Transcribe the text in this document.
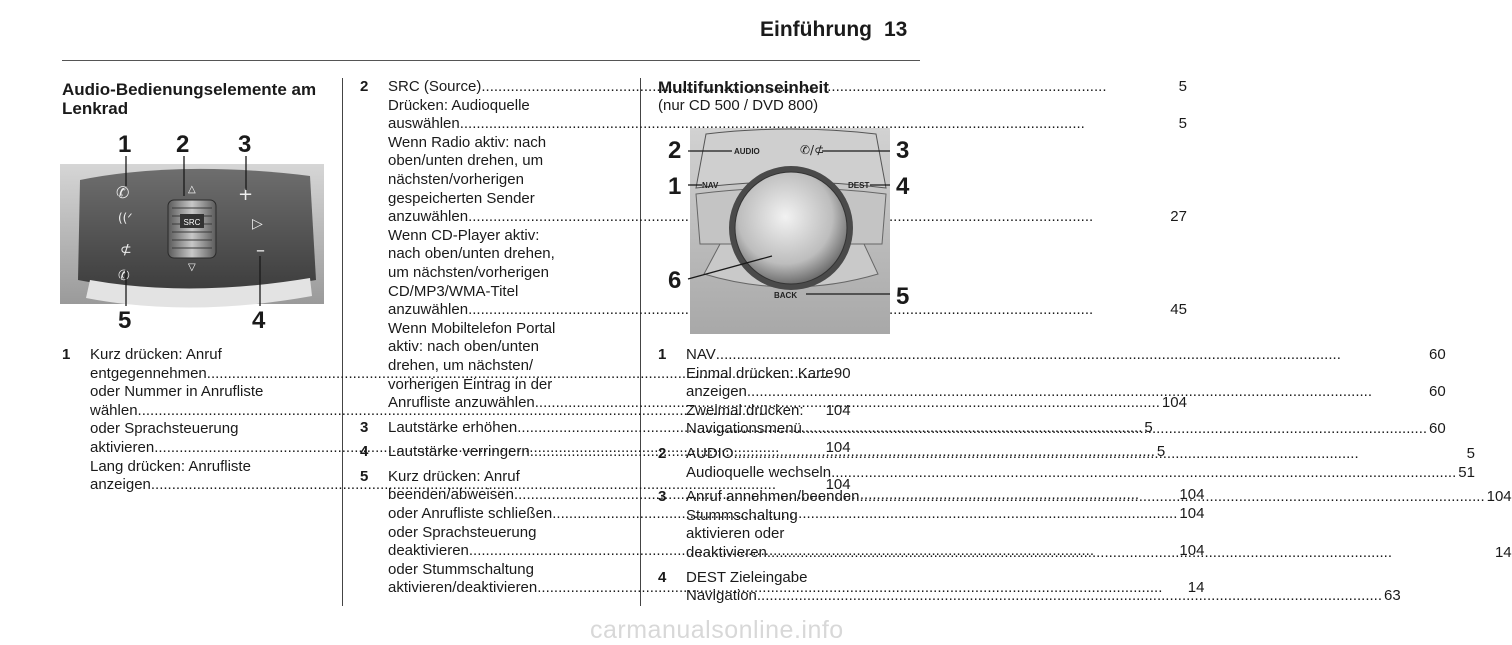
Einführung 13
Audio-Bedienungselemente am
Lenkrad
SRC
△
▽
✆
((ᐟ
⊄
✆
+
▷
–
1 2 3
4
5
1	Kurz drücken: Anruf
entgegennehmen .....	90
oder Nummer in Anrufliste
wählen .....	104
oder Sprachsteuerung
aktivieren .....	104
Lang drücken: Anrufliste
anzeigen .....	104
2	SRC (Source) .....	5
Drücken: Audioquelle
auswählen .....	5
Wenn Radio aktiv: nach
oben/unten drehen, um
nächsten/vorherigen
gespeicherten Sender
anzuwählen .....	27
Wenn CD-Player aktiv:
nach oben/unten drehen,
um nächsten/vorherigen
CD/MP3/WMA-Titel
anzuwählen .....	45
Wenn Mobiltelefon Portal
aktiv: nach oben/unten
drehen, um nächsten/
vorherigen Eintrag in der
Anrufliste anzuwählen .....	104
3	Lautstärke erhöhen .....	5
4	Lautstärke verringern .....	5
5	Kurz drücken: Anruf
beenden/abweisen .....	104
oder Anrufliste schließen .....	104
oder Sprachsteuerung
deaktivieren .....	104
oder Stummschaltung
aktivieren/deaktivieren .....	14
Multifunktionseinheit
(nur CD 500 / DVD 800)
AUDIO	✆/⊄
NAV	DEST
BACK
2	3
1	4
6
5
1	NAV .....	60
Einmal drücken: Karte
anzeigen .....	60
Zweimal drücken:
Navigationsmenü .....	60
2	AUDIO .....	5
Audioquelle wechseln .....	51
3	Anruf annehmen/beenden .....	104
Stummschaltung
aktivieren oder
deaktivieren .....	14
4	DEST Zieleingabe
Navigation .....	63
carmanualsonline.info
